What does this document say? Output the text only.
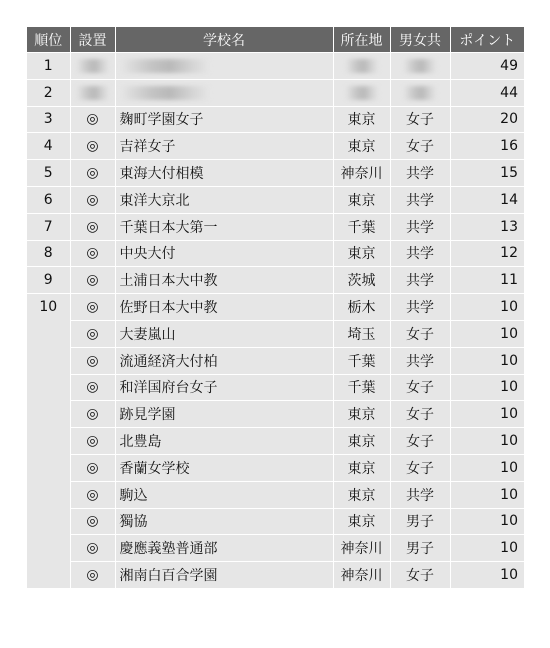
順位	設置	学校名	所在地	男女共	ポイント
1					49
2					44
3	◎	麹町学園女子	東京	女子	20
4	◎	吉祥女子	東京	女子	16
5	◎	東海大付相模	神奈川	共学	15
6	◎	東洋大京北	東京	共学	14
7	◎	千葉日本大第一	千葉	共学	13
8	◎	中央大付	東京	共学	12
9	◎	土浦日本大中教	茨城	共学	11
10	◎	佐野日本大中教	栃木	共学	10
	◎	大妻嵐山	埼玉	女子	10
	◎	流通経済大付柏	千葉	共学	10
	◎	和洋国府台女子	千葉	女子	10
	◎	跡見学園	東京	女子	10
	◎	北豊島	東京	女子	10
	◎	香蘭女学校	東京	女子	10
	◎	駒込	東京	共学	10
	◎	獨協	東京	男子	10
	◎	慶應義塾普通部	神奈川	男子	10
	◎	湘南白百合学園	神奈川	女子	10
